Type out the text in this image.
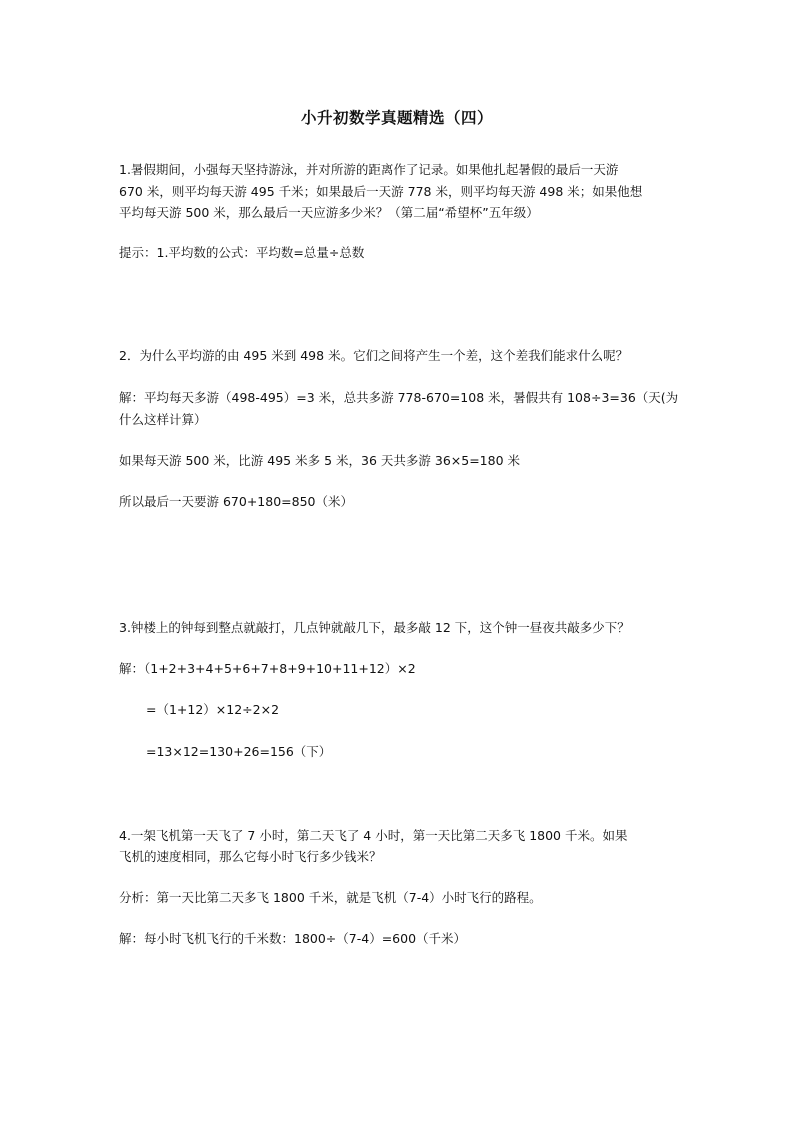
小升初数学真题精选（四）
1.暑假期间，小强每天坚持游泳，并对所游的距离作了记录。如果他扎起暑假的最后一天游
670 米，则平均每天游 495 千米；如果最后一天游 778 米，则平均每天游 498 米；如果他想
平均每天游 500 米，那么最后一天应游多少米？（第二届“希望杯”五年级）
提示：1.平均数的公式：平均数=总量÷总数
2．为什么平均游的由 495 米到 498 米。它们之间将产生一个差，这个差我们能求什么呢？
解：平均每天多游（498-495）=3 米，总共多游 778-670=108 米，暑假共有 108÷3=36（天(为
什么这样计算）
如果每天游 500 米，比游 495 米多 5 米，36 天共多游 36×5=180 米
所以最后一天要游 670+180=850（米）
3.钟楼上的钟每到整点就敲打，几点钟就敲几下，最多敲 12 下，这个钟一昼夜共敲多少下？
解：（1+2+3+4+5+6+7+8+9+10+11+12）×2
=（1+12）×12÷2×2
=13×12=130+26=156（下）
4.一架飞机第一天飞了 7 小时，第二天飞了 4 小时，第一天比第二天多飞 1800 千米。如果
飞机的速度相同，那么它每小时飞行多少钱米？
分析：第一天比第二天多飞 1800 千米，就是飞机（7-4）小时飞行的路程。
解：每小时飞机飞行的千米数：1800÷（7-4）=600（千米）
